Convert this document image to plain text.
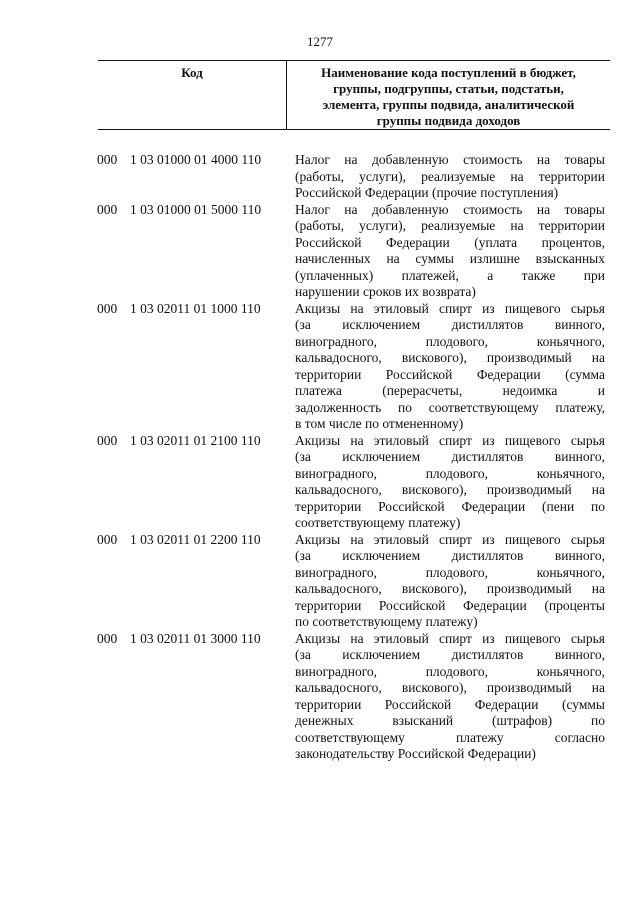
1277
Код	Наименование кода поступлений в бюджет,
группы, подгруппы, статьи, подстатьи,
элемента, группы подвида, аналитической
группы подвида доходов
000 1 03 01000 01 4000 110	Налог на добавленную стоимость на товары
(работы, услуги), реализуемые на территории
Российской Федерации (прочие поступления)
000 1 03 01000 01 5000 110	Налог на добавленную стоимость на товары
(работы, услуги), реализуемые на территории
Российской Федерации (уплата процентов,
начисленных на суммы излишне взысканных
(уплаченных) платежей, а также при
нарушении сроков их возврата)
000 1 03 02011 01 1000 110	Акцизы на этиловый спирт из пищевого сырья
(за исключением дистиллятов винного,
виноградного, плодового, коньячного,
кальвадосного, вискового), производимый на
территории Российской Федерации (сумма
платежа (перерасчеты, недоимка и
задолженность по соответствующему платежу,
в том числе по отмененному)
000 1 03 02011 01 2100 110	Акцизы на этиловый спирт из пищевого сырья
(за исключением дистиллятов винного,
виноградного, плодового, коньячного,
кальвадосного, вискового), производимый на
территории Российской Федерации (пени по
соответствующему платежу)
000 1 03 02011 01 2200 110	Акцизы на этиловый спирт из пищевого сырья
(за исключением дистиллятов винного,
виноградного, плодового, коньячного,
кальвадосного, вискового), производимый на
территории Российской Федерации (проценты
по соответствующему платежу)
000 1 03 02011 01 3000 110	Акцизы на этиловый спирт из пищевого сырья
(за исключением дистиллятов винного,
виноградного, плодового, коньячного,
кальвадосного, вискового), производимый на
территории Российской Федерации (суммы
денежных взысканий (штрафов) по
соответствующему платежу согласно
законодательству Российской Федерации)
